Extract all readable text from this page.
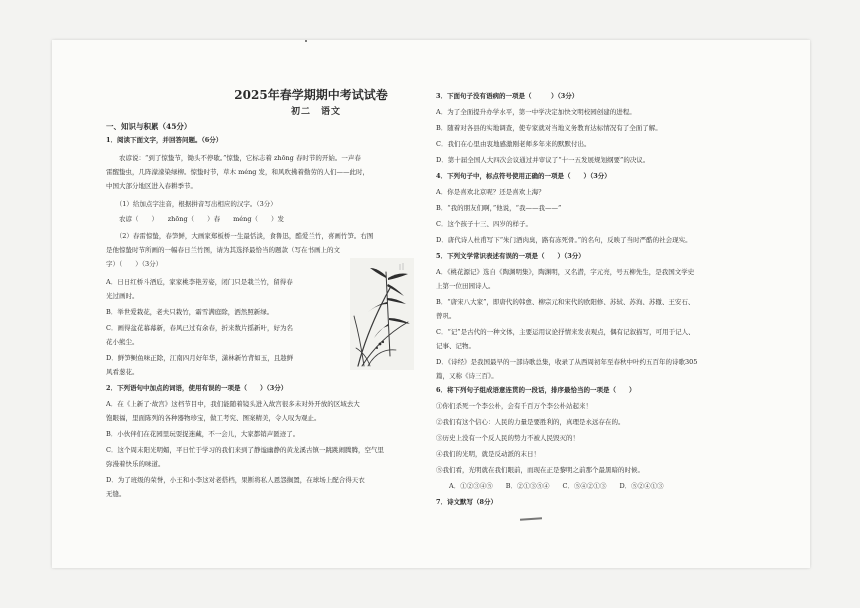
2025年春学期期中考试试卷
初二　语文
一、知识与积累（45分）
1．阅读下面文字，并回答问题。（6分）
　　农谚说：“到了惊蛰节，锄头不停歇。”惊蛰，它标志着 zhōng 春时节的开始。一声春
雷醒蛰虫，几阵濛濛染绿柳。惊蛰时节，草木 méng 发，和风吹拂着勤劳的人们——此时，
中国大部分地区进入春耕季节。
　　（1）给加点字注音，根据拼音写出相应的汉字。（3分）
　　农谚（　　）　　zhōng（　　）春　　méng（　　）发
　　（2）春雷惊蛰，春笋鲜，大画家郑板桥一生最恬淡，食鲁迅，酷爱兰竹，喜画竹笋。右图
是他惊蛰时节所画的一幅春日兰竹图，请为其选择最恰当的题款（写在书画上的文
字）（　　）（3分）
A．日日红桥斗酒卮，家家桃李艳芳姿，闭门只是栽兰竹，留得春
光过画时。
B．举世爱栽花，老夫只栽竹，霜雪满庭除，洒然照新绿。
C．画得盆花幕幕新，春风已过有余春，折来数片摇新叶，好为名
花小熊尘。
D．鲜笋鲥鱼味正除，江南四月好年华，潇林新竹背如玉，且趁鲜
风看葱花。
2．下列语句中加点的词语，使用有误的一项是（　　）（3分）
A．在《上新了·故宫》这档节目中，我们能随着镜头进入故宫很多未对外开放的区域去大
饱眼福，里面陈列的各种器物珍宝，做工考究、图案精美，令人叹为观止。
B．小伙伴们在花园里玩耍捉迷藏，不一会儿，大家都销声匿迹了。
C．这个周末阳光明媚，平日忙于学习的我们来到了静谧幽静的黄龙溪古镇一跳跳闹腾腾，空气里
弥漫着快乐的味道。
D．为了班级的荣誉，小王和小李这对老搭档，果断将私人恩怨搁置，在球场上配合得天衣
无缝。
3．下面句子没有语病的一项是（　　　）（3分）
A．为了全面提升办学水平，第一中学决定加快文明校园创建的进程。
B．随着对各县的实地调查，使专家就对当地义务教育达标情况有了全面了解。
C．我们在心里由衷地感激刚老师多年来的默默付出。
D．第十届全国人大四次会议通过并审议了“十一五发展规划纲要”的决议。
4．下列句子中，标点符号使用正确的一项是（　　）（3分）
A．你是喜欢北京呢？还是喜欢上海？
B．“我的朋友们啊，”他说，“我——我——”
C．这个孩子十三、四岁的样子。
D．唐代诗人杜甫写下“朱门酒肉臭，路有冻死骨。”的名句，反映了当时严酷的社会现实。
5．下列文学常识表述有误的一项是（　　）（3分）
A．《桃花源记》选自《陶渊明集》，陶渊明，又名潜，字元亮，号五柳先生，是我国文学史
上第一位田园诗人。
B．“唐宋八大家”，即唐代的韩愈、柳宗元和宋代的欧阳修、苏轼、苏洵、苏辙、王安石、
曾巩。
C．“记”是古代的一种文体，主要运用议论抒情来发表观点，偶有记叙描写，可用于记人、
记事、记物。
D．《诗经》是我国最早的一部诗歌总集，收录了从西周初年至春秋中叶约五百年的诗歌305
篇，又称《诗三百》。
6．将下列句子组成语意连贯的一段话，排序最恰当的一项是（　　）
①你们杀死一个李公朴，会有千百万个李公朴站起来！
②我们有这个信心：人民的力量是要胜利的，真理是永远存在的。
③历史上没有一个反人民的势力不被人民毁灭的！
④我们的光明，就是反动派的末日！
⑤我们看，光明就在我们眼前，而现在正是黎明之前那个最黑暗的时候。
　　A．①②③④⑤　　B．②①③⑤④　　C．⑤④②①③　　D．⑤②④①③
7．诗文默写（8分）
